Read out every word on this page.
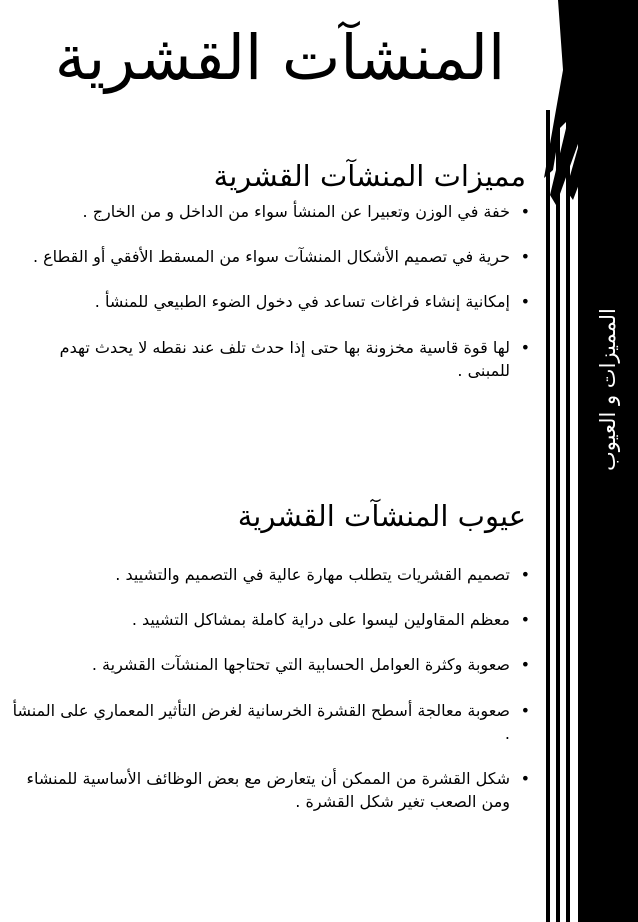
المميزات و العيوب
المنشآت القشرية
مميزات المنشآت القشرية
• خفة في الوزن وتعبيرا عن المنشأ سواء من الداخل و من الخارج .
• حرية في تصميم الأشكال المنشآت سواء من المسقط الأفقي أو القطاع .
• إمكانية إنشاء فراغات تساعد في دخول الضوء الطبيعي للمنشأ .
• لها قوة قاسية مخزونة بها حتى إذا حدث تلف عند نقطه لا يحدث تهدم للمبنى .
عيوب المنشآت القشرية
• تصميم القشريات يتطلب مهارة عالية في التصميم والتشييد .
• معظم المقاولين ليسوا على دراية كاملة بمشاكل التشييد .
• صعوبة وكثرة العوامل الحسابية التي تحتاجها المنشآت القشرية .
• صعوبة معالجة أسطح القشرة الخرسانية لغرض التأثير المعماري على المنشأ .
• شكل القشرة من الممكن أن يتعارض مع بعض الوظائف الأساسية للمنشاء ومن الصعب تغير شكل القشرة .
